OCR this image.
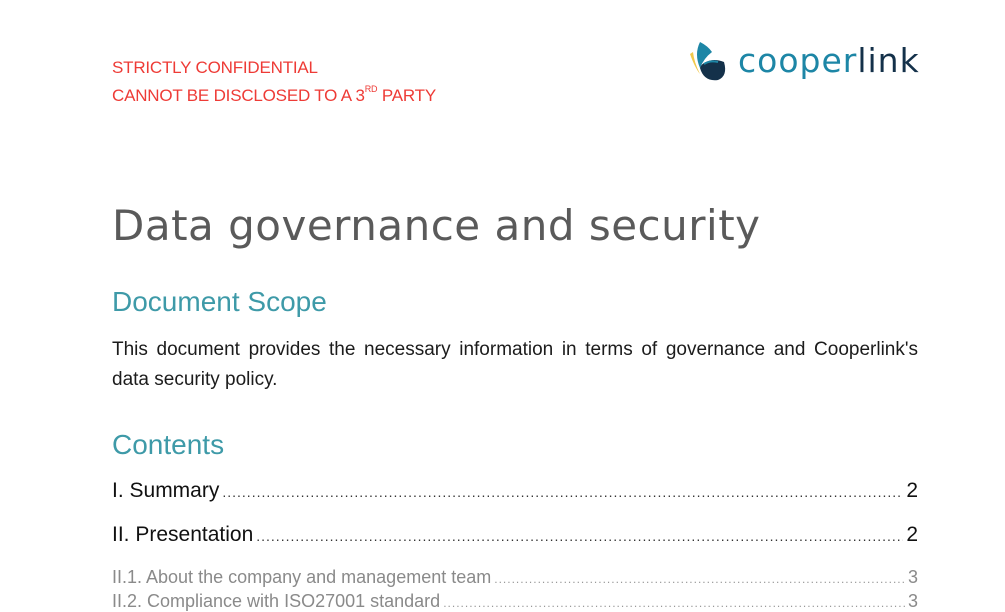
STRICTLY CONFIDENTIAL
CANNOT BE DISCLOSED TO A 3RD PARTY
cooperlink
Data governance and security
Document Scope

This document provides the necessary information in terms of governance and Cooperlink's data security policy.

Contents
I. Summary .....	2
II. Presentation .....	2
II.1. About the company and management team .....	3
II.2. Compliance with ISO27001 standard .....	3
